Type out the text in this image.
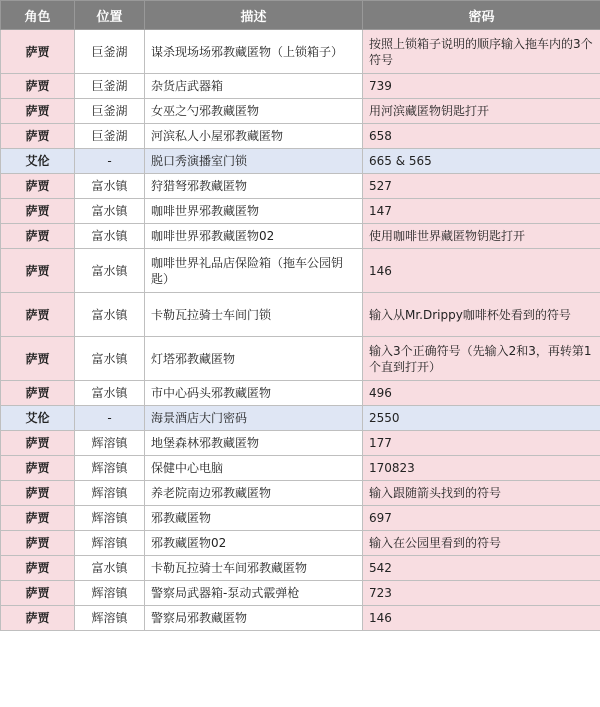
角色	位置	描述	密码
萨贾	巨釜湖	谋杀现场场邪教藏匿物（上锁箱子）	按照上锁箱子说明的顺序输入拖车内的3个符号
萨贾	巨釜湖	杂货店武器箱	739
萨贾	巨釜湖	女巫之勺邪教藏匿物	用河滨藏匿物钥匙打开
萨贾	巨釜湖	河滨私人小屋邪教藏匿物	658
艾伦	-	脱口秀演播室门锁	665 & 565
萨贾	富水镇	狩猎弩邪教藏匿物	527
萨贾	富水镇	咖啡世界邪教藏匿物	147
萨贾	富水镇	咖啡世界邪教藏匿物02	使用咖啡世界藏匿物钥匙打开
萨贾	富水镇	咖啡世界礼品店保险箱（拖车公园钥匙）	146
萨贾	富水镇	卡勒瓦拉骑士车间门锁	输入从Mr.Drippy咖啡杯处看到的符号
萨贾	富水镇	灯塔邪教藏匿物	输入3个正确符号（先输入2和3，再转第1个直到打开）
萨贾	富水镇	市中心码头邪教藏匿物	496
艾伦	-	海景酒店大门密码	2550
萨贾	辉溶镇	地堡森林邪教藏匿物	177
萨贾	辉溶镇	保健中心电脑	170823
萨贾	辉溶镇	养老院南边邪教藏匿物	输入跟随箭头找到的符号
萨贾	辉溶镇	邪教藏匿物	697
萨贾	辉溶镇	邪教藏匿物02	输入在公园里看到的符号
萨贾	富水镇	卡勒瓦拉骑士车间邪教藏匿物	542
萨贾	辉溶镇	警察局武器箱-泵动式霰弹枪	723
萨贾	辉溶镇	警察局邪教藏匿物	146
